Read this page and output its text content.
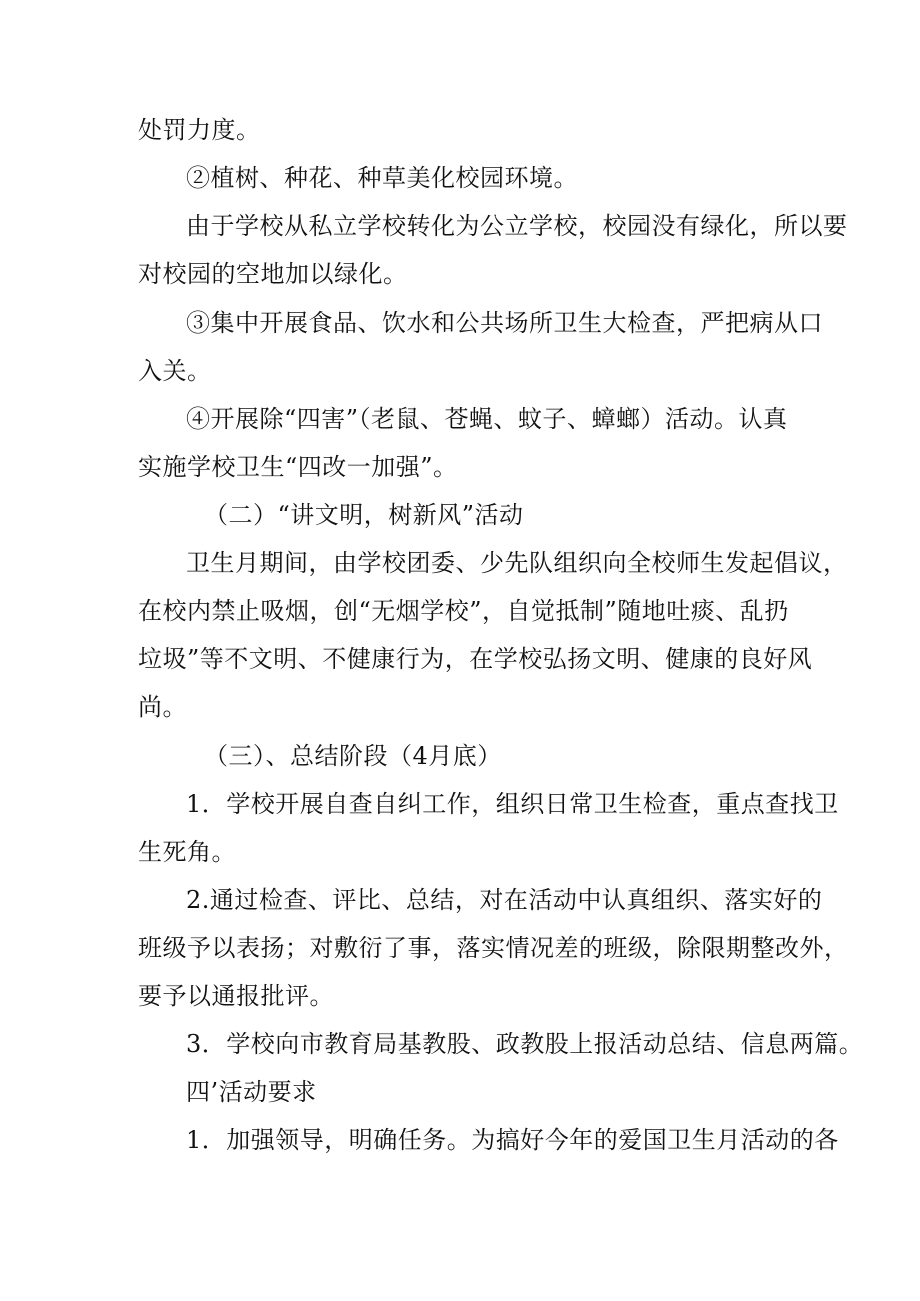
处罚力度。
②植树、种花、种草美化校园环境。
由于学校从私立学校转化为公立学校，校园没有绿化，所以要
对校园的空地加以绿化。
③集中开展食品、饮水和公共场所卫生大检查，严把病从口
入关。
④开展除“四害”（老鼠、苍蝇、蚊子、蟑螂）活动。认真
实施学校卫生“四改一加强”。
（二）“讲文明，树新风”活动
卫生月期间，由学校团委、少先队组织向全校师生发起倡议，
在校内禁止吸烟，创“无烟学校”，自觉抵制”随地吐痰、乱扔
垃圾”等不文明、不健康行为，在学校弘扬文明、健康的良好风
尚。
（三）、总结阶段（4月底）
1．学校开展自查自纠工作，组织日常卫生检查，重点查找卫
生死角。
2.通过检查、评比、总结，对在活动中认真组织、落实好的
班级予以表扬；对敷衍了事，落实情况差的班级，除限期整改外，
要予以通报批评。
3．学校向市教育局基教股、政教股上报活动总结、信息两篇。
四’活动要求
1．加强领导，明确任务。为搞好今年的爱国卫生月活动的各
